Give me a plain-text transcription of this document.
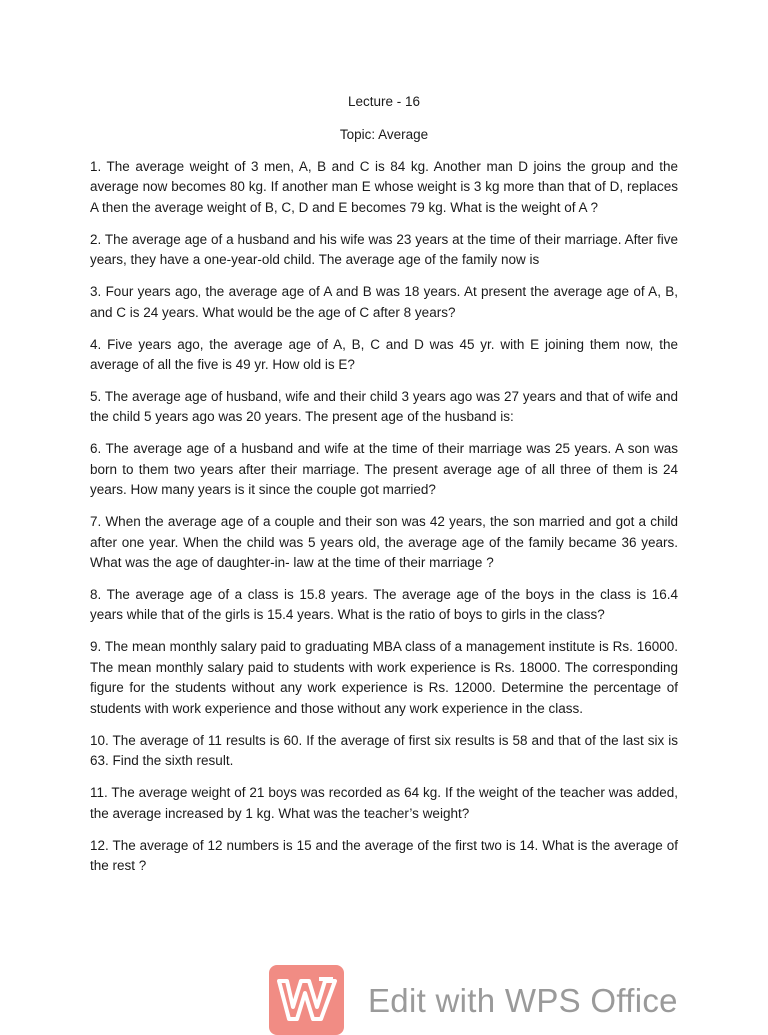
Lecture - 16

Topic: Average

1. The average weight of 3 men, A, B and C is 84 kg. Another man D joins the group and the average now becomes 80 kg. If another man E whose weight is 3 kg more than that of D, replaces A then the average weight of B, C, D and E becomes 79 kg. What is the weight of A ?

2. The average age of a husband and his wife was 23 years at the time of their marriage. After five years, they have a one-year-old child. The average age of the family now is

3. Four years ago, the average age of A and B was 18 years. At present the average age of A, B, and C is 24 years. What would be the age of C after 8 years?

4. Five years ago, the average age of A, B, C and D was 45 yr. with E joining them now, the average of all the five is 49 yr. How old is E?

5. The average age of husband, wife and their child 3 years ago was 27 years and that of wife and the child 5 years ago was 20 years. The present age of the husband is:

6. The average age of a husband and wife at the time of their marriage was 25 years. A son was born to them two years after their marriage. The present average age of all three of them is 24 years. How many years is it since the couple got married?

7. When the average age of a couple and their son was 42 years, the son married and got a child after one year. When the child was 5 years old, the average age of the family became 36 years. What was the age of daughter-in- law at the time of their marriage ?

8. The average age of a class is 15.8 years. The average age of the boys in the class is 16.4 years while that of the girls is 15.4 years. What is the ratio of boys to girls in the class?

9. The mean monthly salary paid to graduating MBA class of a management institute is Rs. 16000. The mean monthly salary paid to students with work experience is Rs. 18000. The corresponding figure for the students without any work experience is Rs. 12000. Determine the percentage of students with work experience and those without any work experience in the class.

10. The average of 11 results is 60. If the average of first six results is 58 and that of the last six is 63. Find the sixth result.

11. The average weight of 21 boys was recorded as 64 kg. If the weight of the teacher was added, the average increased by 1 kg. What was the teacher’s weight?

12. The average of 12 numbers is 15 and the average of the first two is 14. What is the average of the rest ?

Edit with WPS Office
